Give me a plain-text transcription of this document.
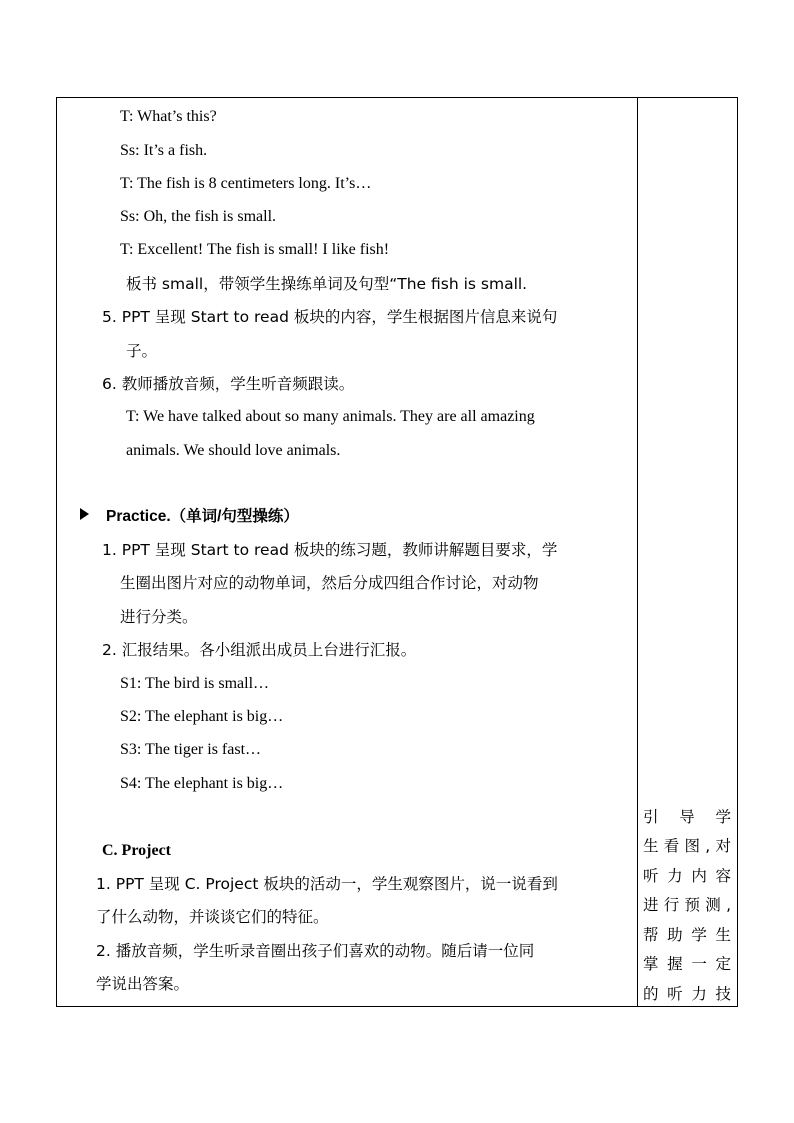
T: What’s this?
Ss: It’s a fish.
T: The fish is 8 centimeters long. It’s…
Ss: Oh, the fish is small.
T: Excellent! The fish is small! I like fish!
板书 small，带领学生操练单词及句型“The fish is small.
5. PPT 呈现 Start to read 板块的内容，学生根据图片信息来说句
子。
6. 教师播放音频，学生听音频跟读。
T: We have talked about so many animals. They are all amazing
animals. We should love animals.
Practice.（单词/句型操练）
1. PPT 呈现 Start to read 板块的练习题，教师讲解题目要求，学
生圈出图片对应的动物单词，然后分成四组合作讨论，对动物
进行分类。
2. 汇报结果。各小组派出成员上台进行汇报。
S1: The bird is small…
S2: The elephant is big…
S3: The tiger is fast…
S4: The elephant is big…
C. Project
1. PPT 呈现 C. Project 板块的活动一，学生观察图片，说一说看到
了什么动物，并谈谈它们的特征。
2. 播放音频，学生听录音圈出孩子们喜欢的动物。随后请一位同
学说出答案。
引 导 学
生看图,对
听 力 内 容
进行预测,
帮 助 学 生
掌 握 一 定
的 听 力 技
